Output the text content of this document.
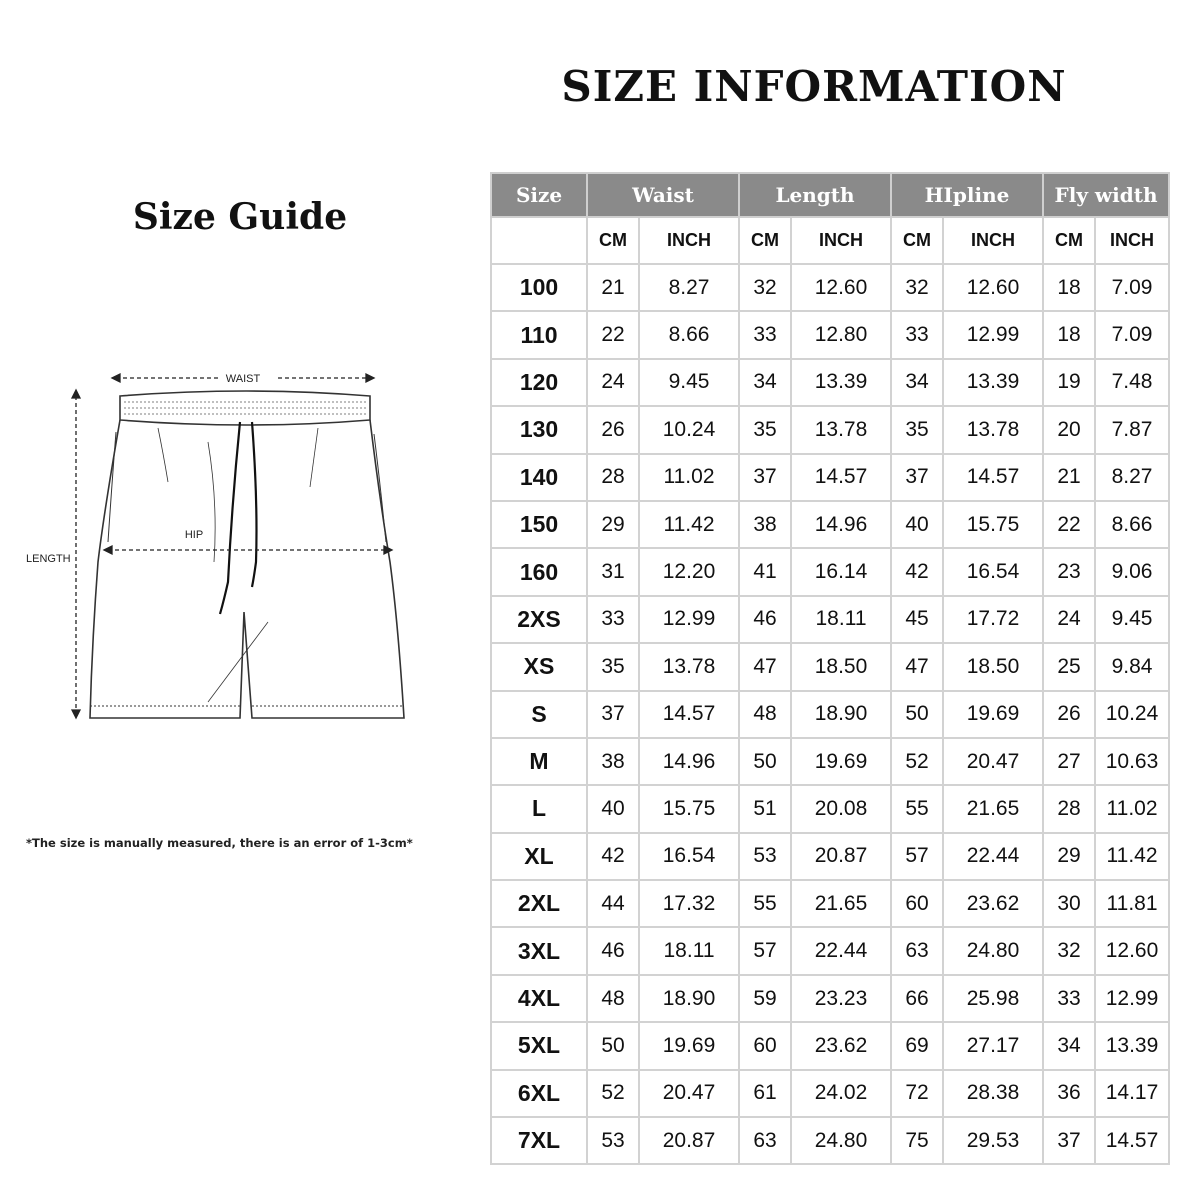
SIZE INFORMATION
Size Guide
WAIST
LENGTH
HIP
*The size is manually measured, there is an error of 1-3cm*
Size	Waist		Length		HIpline		Fly width	
	CM	INCH	CM	INCH	CM	INCH	CM	INCH
100	21	8.27	32	12.60	32	12.60	18	7.09
110	22	8.66	33	12.80	33	12.99	18	7.09
120	24	9.45	34	13.39	34	13.39	19	7.48
130	26	10.24	35	13.78	35	13.78	20	7.87
140	28	11.02	37	14.57	37	14.57	21	8.27
150	29	11.42	38	14.96	40	15.75	22	8.66
160	31	12.20	41	16.14	42	16.54	23	9.06
2XS	33	12.99	46	18.11	45	17.72	24	9.45
XS	35	13.78	47	18.50	47	18.50	25	9.84
S	37	14.57	48	18.90	50	19.69	26	10.24
M	38	14.96	50	19.69	52	20.47	27	10.63
L	40	15.75	51	20.08	55	21.65	28	11.02
XL	42	16.54	53	20.87	57	22.44	29	11.42
2XL	44	17.32	55	21.65	60	23.62	30	11.81
3XL	46	18.11	57	22.44	63	24.80	32	12.60
4XL	48	18.90	59	23.23	66	25.98	33	12.99
5XL	50	19.69	60	23.62	69	27.17	34	13.39
6XL	52	20.47	61	24.02	72	28.38	36	14.17
7XL	53	20.87	63	24.80	75	29.53	37	14.57
